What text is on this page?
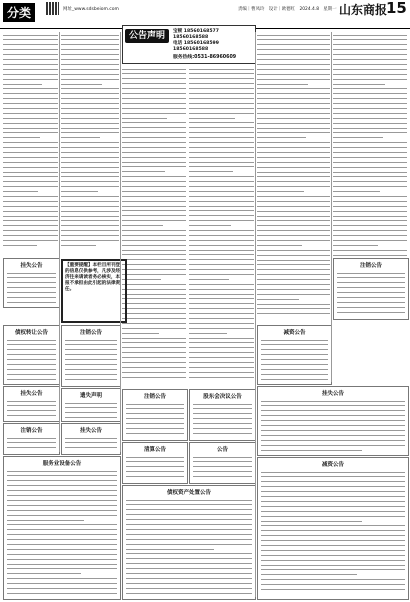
分类	网址_www.sdsbeiom.com	责编｜曹凤玲　设计｜欧德红　2024.4.8　星期一 山东商报
15
公告声明	宝顿 18560168577　18560168588
电话 18560168599　18560168588
服务热线:0531-86960609
【重要提醒】本栏目所刊登的信息仅供参考，凡涉及经济往来请读者务必核实，本报不承担由此引起的法律责任。
挂失公告
债权转让公告
挂失公告
注销公告
服务业设备公告
注销公告
遗失声明
挂失公告
注销公告	股东会决议公告
清算公告	公告
债权资产处置公告
减资公告
注销公告
挂失公告
减资公告
